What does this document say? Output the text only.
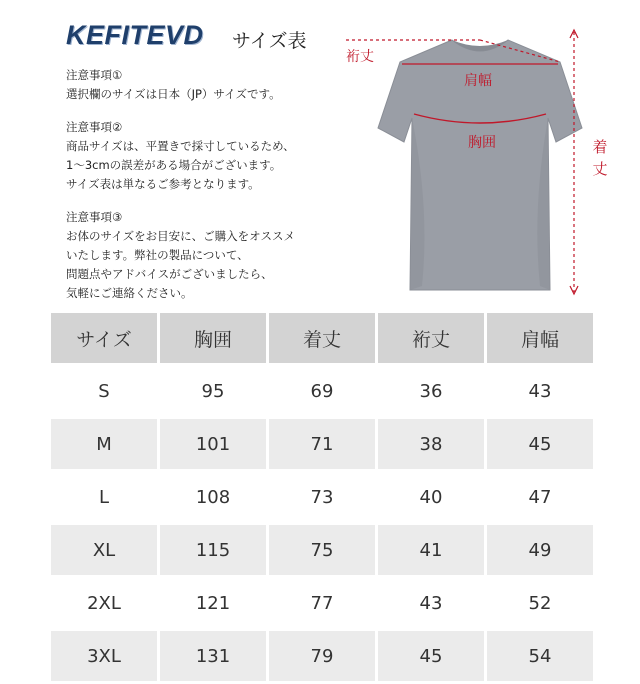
KEFITEVD サイズ表
注意事項①
選択欄のサイズは日本（JP）サイズです。
注意事項②
商品サイズは、平置きで採寸しているため、
1～3cmの誤差がある場合がございます。
サイズ表は単なるご参考となります。
注意事項③
お体のサイズをお目安に、ご購入をオススメ
いたします。弊社の製品について、
問題点やアドバイスがございましたら、
気軽にご連絡ください。
裄丈
肩幅
胸囲	着丈
サイズ	胸囲	着丈	裄丈	肩幅
S	95	69	36	43
M	101	71	38	45
L	108	73	40	47
XL	115	75	41	49
2XL	121	77	43	52
3XL	131	79	45	54
